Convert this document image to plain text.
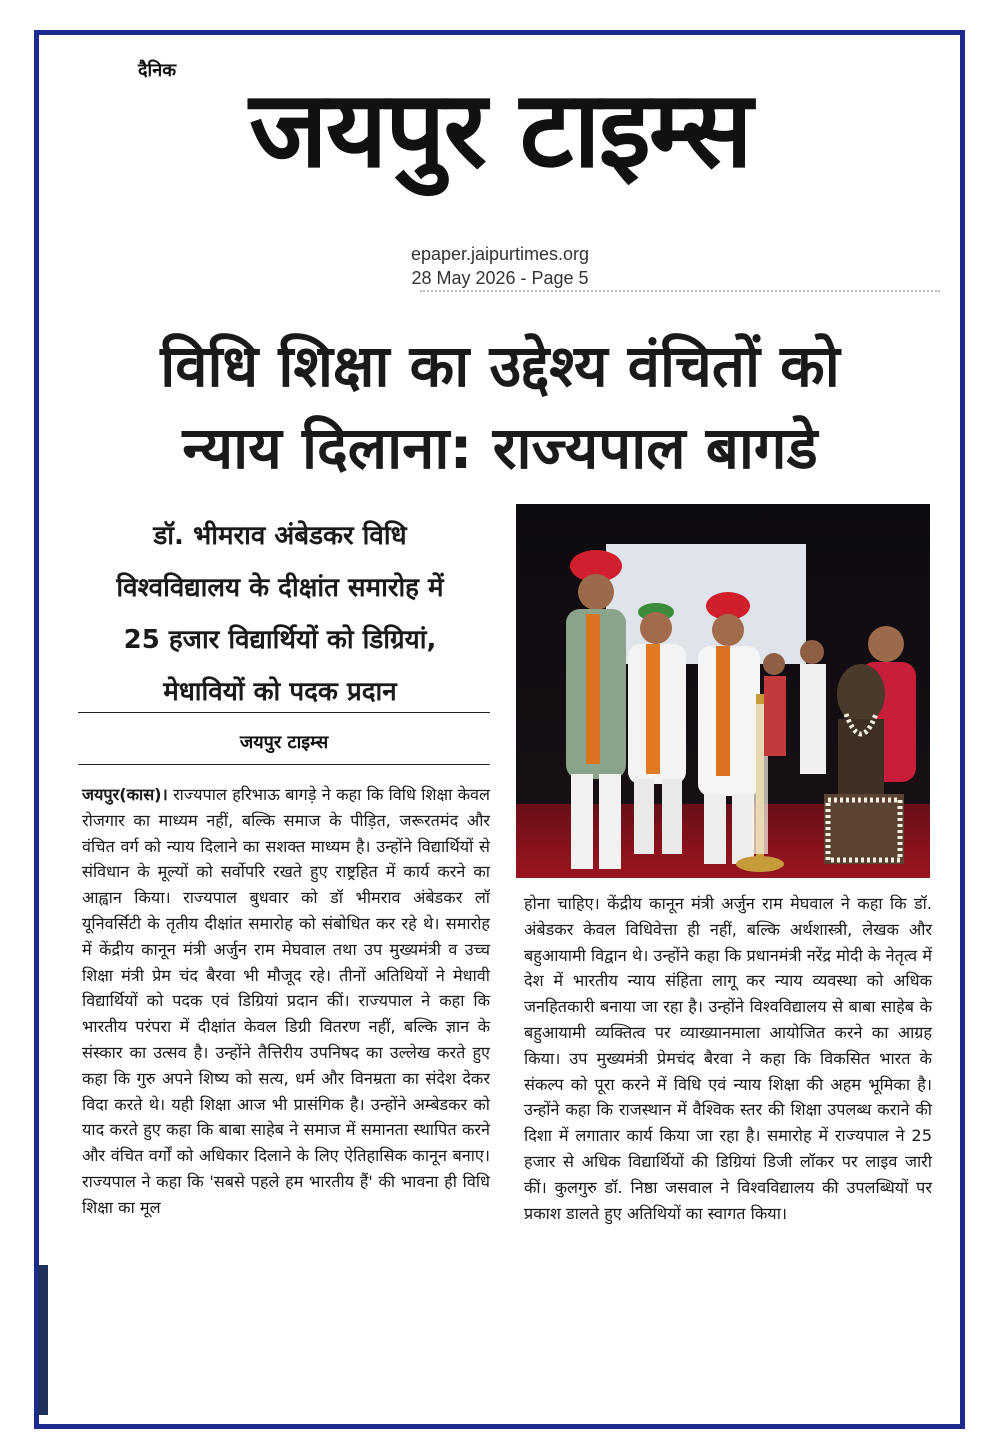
दैनिक जयपुर टाइम्स
epaper.jaipurtimes.org
28 May 2026 - Page 5
विधि शिक्षा का उद्देश्य वंचितों को
न्याय दिलाना: राज्यपाल बागडे
डॉ. भीमराव अंबेडकर विधि
विश्वविद्यालय के दीक्षांत समारोह में
25 हजार विद्यार्थियों को डिग्रियां,
मेधावियों को पदक प्रदान
जयपुर टाइम्स
जयपुर(कास)। राज्यपाल हरिभाऊ बागड़े ने कहा कि विधि शिक्षा केवल रोजगार का माध्यम नहीं, बल्कि समाज के पीड़ित, जरूरतमंद और वंचित वर्ग को न्याय दिलाने का सशक्त माध्यम है। उन्होंने विद्यार्थियों से संविधान के मूल्यों को सर्वोपरि रखते हुए राष्ट्रहित में कार्य करने का आह्वान किया। राज्यपाल बुधवार को डॉ भीमराव अंबेडकर लॉ यूनिवर्सिटी के तृतीय दीक्षांत समारोह को संबोधित कर रहे थे। समारोह में केंद्रीय कानून मंत्री अर्जुन राम मेघवाल तथा उप मुख्यमंत्री व उच्च शिक्षा मंत्री प्रेम चंद बैरवा भी मौजूद रहे। तीनों अतिथियों ने मेधावी विद्यार्थियों को पदक एवं डिग्रियां प्रदान कीं। राज्यपाल ने कहा कि भारतीय परंपरा में दीक्षांत केवल डिग्री वितरण नहीं, बल्कि ज्ञान के संस्कार का उत्सव है। उन्होंने तैत्तिरीय उपनिषद का उल्लेख करते हुए कहा कि गुरु अपने शिष्य को सत्य, धर्म और विनम्रता का संदेश देकर विदा करते थे। यही शिक्षा आज भी प्रासंगिक है। उन्होंने अम्बेडकर को याद करते हुए कहा कि बाबा साहेब ने समाज में समानता स्थापित करने और वंचित वर्गों को अधिकार दिलाने के लिए ऐतिहासिक कानून बनाए। राज्यपाल ने कहा कि 'सबसे पहले हम भारतीय हैं' की भावना ही विधि शिक्षा का मूल
होना चाहिए। केंद्रीय कानून मंत्री अर्जुन राम मेघवाल ने कहा कि डॉ. अंबेडकर केवल विधिवेत्ता ही नहीं, बल्कि अर्थशास्त्री, लेखक और बहुआयामी विद्वान थे। उन्होंने कहा कि प्रधानमंत्री नरेंद्र मोदी के नेतृत्व में देश में भारतीय न्याय संहिता लागू कर न्याय व्यवस्था को अधिक जनहितकारी बनाया जा रहा है। उन्होंने विश्वविद्यालय से बाबा साहेब के बहुआयामी व्यक्तित्व पर व्याख्यानमाला आयोजित करने का आग्रह किया। उप मुख्यमंत्री प्रेमचंद बैरवा ने कहा कि विकसित भारत के संकल्प को पूरा करने में विधि एवं न्याय शिक्षा की अहम भूमिका है। उन्होंने कहा कि राजस्थान में वैश्विक स्तर की शिक्षा उपलब्ध कराने की दिशा में लगातार कार्य किया जा रहा है। समारोह में राज्यपाल ने 25 हजार से अधिक विद्यार्थियों की डिग्रियां डिजी लॉकर पर लाइव जारी कीं। कुलगुरु डॉ. निष्ठा जसवाल ने विश्वविद्यालय की उपलब्धियों पर प्रकाश डालते हुए अतिथियों का स्वागत किया।
